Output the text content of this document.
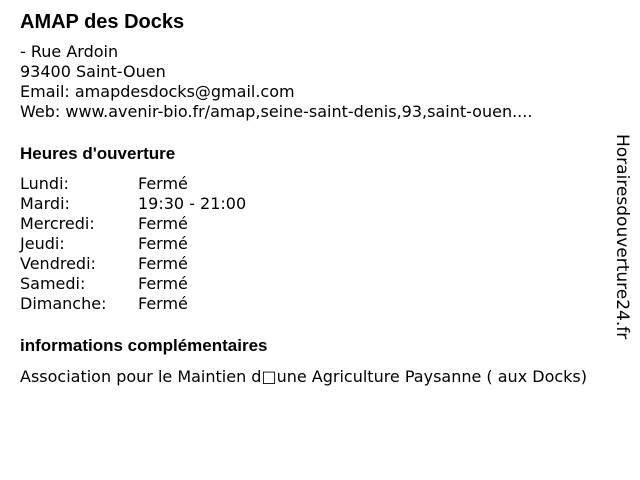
AMAP des Docks
- Rue Ardoin
93400 Saint-Ouen
Email: amapdesdocks@gmail.com
Web: www.avenir-bio.fr/amap,seine-saint-denis,93,saint-ouen....
Heures d'ouverture
Lundi:	Fermé
Mardi:	19:30 - 21:00
Mercredi:	Fermé
Jeudi:	Fermé
Vendredi:	Fermé
Samedi:	Fermé
Dimanche:	Fermé
informations complémentaires
Association pour le Maintien d□une Agriculture Paysanne ( aux Docks)
Horairesdouverture24.fr
